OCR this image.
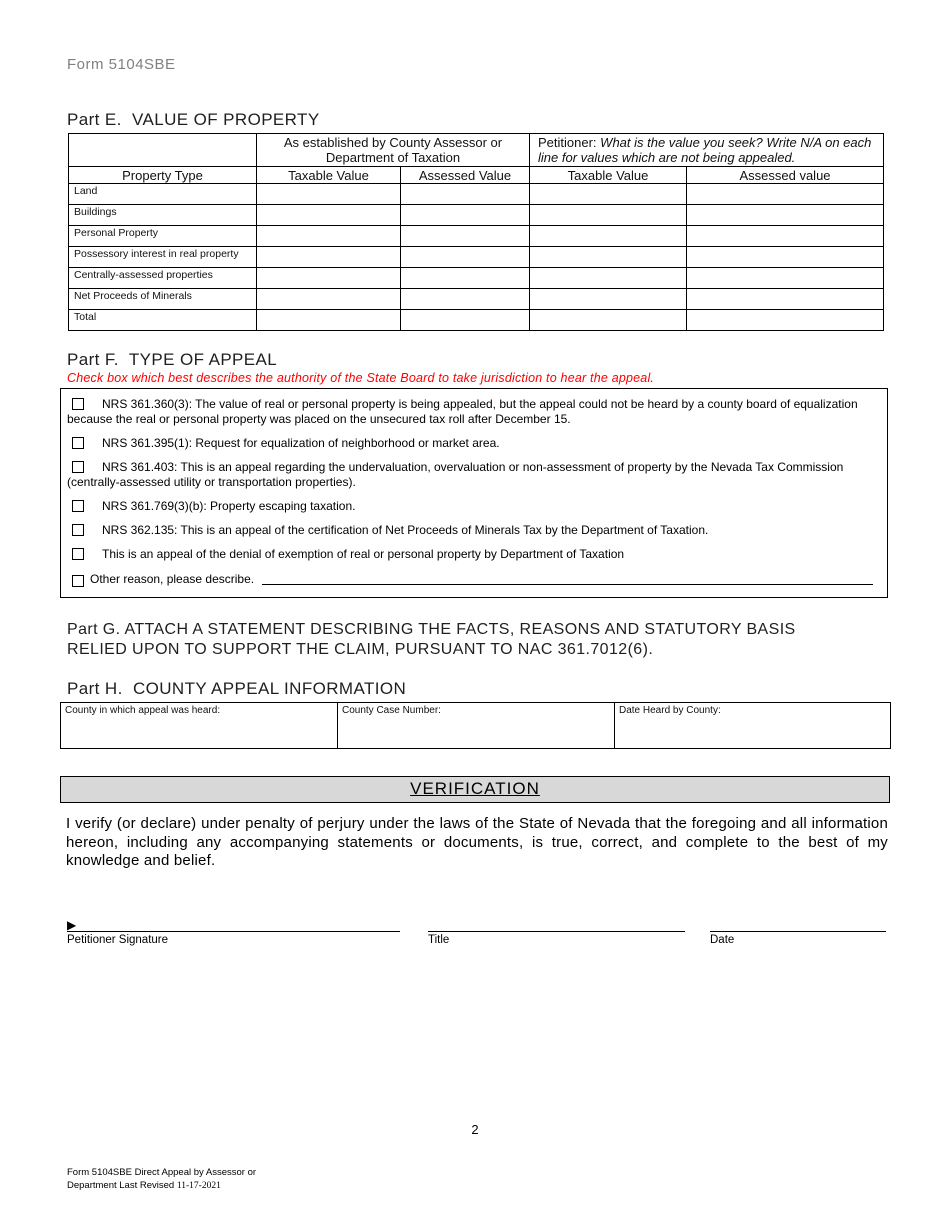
Form 5104SBE
Part E.  VALUE OF PROPERTY
	As established by County Assessor or Department of Taxation		Petitioner: What is the value you seek? Write N/A on each line for values which are not being appealed.	
Property Type	Taxable Value	Assessed Value	Taxable Value	Assessed value
Land				
Buildings				
Personal Property				
Possessory interest in real property				
Centrally-assessed properties				
Net Proceeds of Minerals				
Total				
Part F.  TYPE OF APPEAL
Check box which best describes the authority of the State Board to take jurisdiction to hear the appeal.
NRS 361.360(3): The value of real or personal property is being appealed, but the appeal could not be heard by a county board of equalization because the real or personal property was placed on the unsecured tax roll after December 15.
NRS 361.395(1): Request for equalization of neighborhood or market area.
NRS 361.403: This is an appeal regarding the undervaluation, overvaluation or non-assessment of property by the Nevada Tax Commission (centrally-assessed utility or transportation properties).
NRS 361.769(3)(b): Property escaping taxation.
NRS 362.135: This is an appeal of the certification of Net Proceeds of Minerals Tax by the Department of Taxation.
This is an appeal of the denial of exemption of real or personal property by Department of Taxation
Other reason, please describe.
Part G. ATTACH A STATEMENT DESCRIBING THE FACTS, REASONS AND STATUTORY BASIS RELIED UPON TO SUPPORT THE CLAIM, PURSUANT TO NAC 361.7012(6).
Part H.  COUNTY APPEAL INFORMATION
County in which appeal was heard:	County Case Number:	Date Heard by County:
VERIFICATION
I verify (or declare) under penalty of perjury under the laws of the State of Nevada that the foregoing and all information hereon, including any accompanying statements or documents, is true, correct, and complete to the best of my knowledge and belief.
▶
Petitioner Signature	Title	Date
2
Form 5104SBE Direct Appeal by Assessor or
Department Last Revised 11-17-2021
